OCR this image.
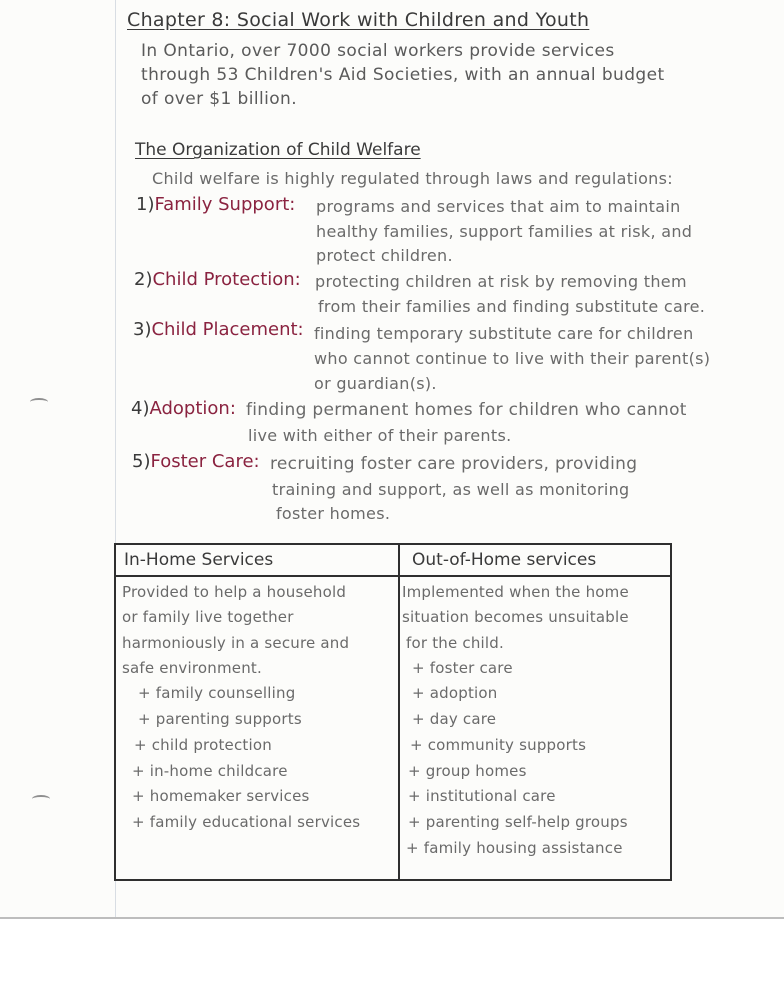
Chapter 8: Social Work with Children and Youth
In Ontario, over 7000 social workers provide services
through 53 Children's Aid Societies, with an annual budget
of over $1 billion.
The Organization of Child Welfare
Child welfare is highly regulated through laws and regulations:
1)Family Support: programs and services that aim to maintain
healthy families, support families at risk, and
protect children.
2)Child Protection: protecting children at risk by removing them
from their families and finding substitute care.
3)Child Placement: finding temporary substitute care for children
who cannot continue to live with their parent(s)
or guardian(s).
4)Adoption: finding permanent homes for children who cannot
live with either of their parents.
5)Foster Care: recruiting foster care providers, providing
training and support, as well as monitoring
foster homes.
In-Home Services	Out-of-Home services
Provided to help a household
or family live together
harmoniously in a secure and
safe environment.
+ family counselling
+ parenting supports
+ child protection
+ in-home childcare
+ homemaker services
+ family educational services
Implemented when the home
situation becomes unsuitable
for the child.
+ foster care
+ adoption
+ day care
+ community supports
+ group homes
+ institutional care
+ parenting self-help groups
+ family housing assistance
